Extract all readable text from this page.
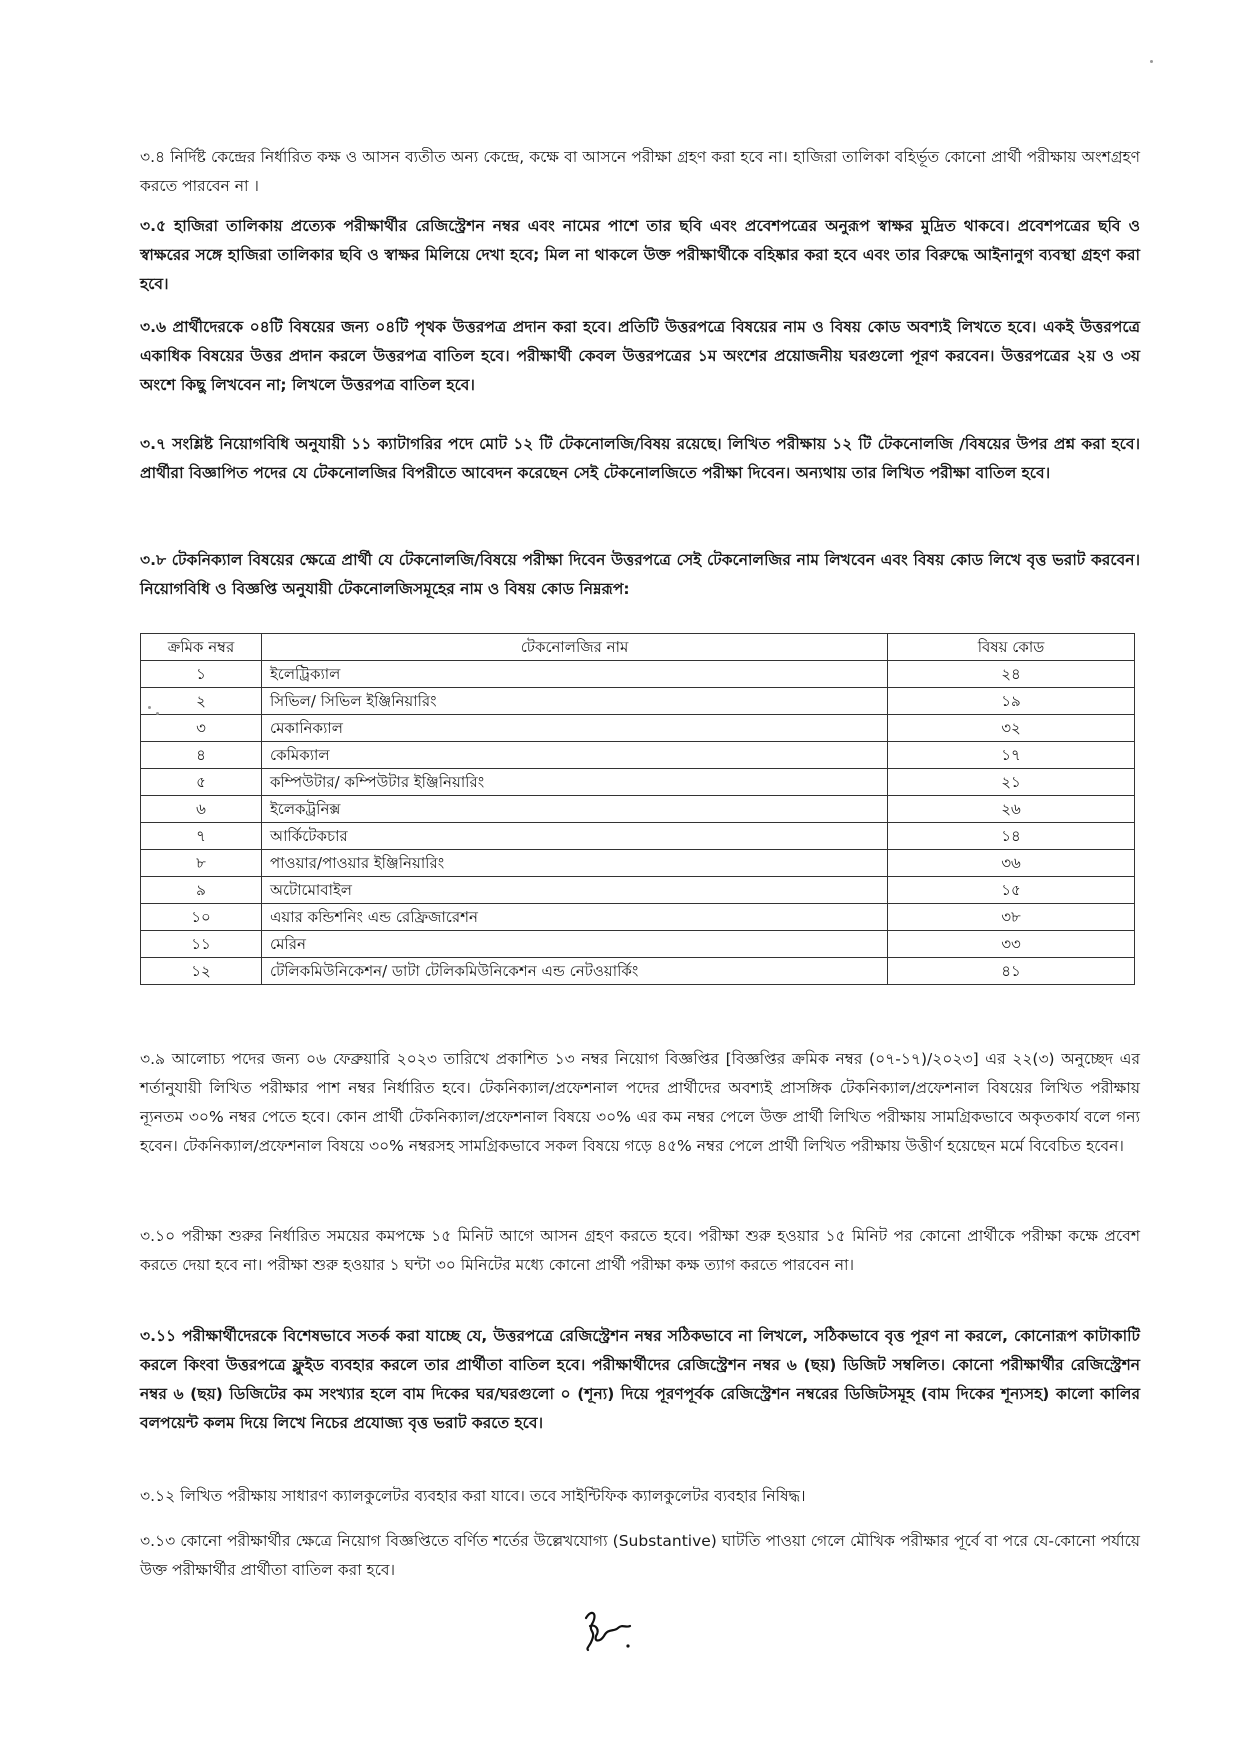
৩.৪ নির্দিষ্ট কেন্দ্রের নির্ধারিত কক্ষ ও আসন ব্যতীত অন্য কেন্দ্রে, কক্ষে বা আসনে পরীক্ষা গ্রহণ করা হবে না। হাজিরা তালিকা বহির্ভূত কোনো প্রার্থী পরীক্ষায় অংশগ্রহণ করতে পারবেন না ।

৩.৫ হাজিরা তালিকায় প্রত্যেক পরীক্ষার্থীর রেজিস্ট্রেশন নম্বর এবং নামের পাশে তার ছবি এবং প্রবেশপত্রের অনুরূপ স্বাক্ষর মুদ্রিত থাকবে। প্রবেশপত্রের ছবি ও স্বাক্ষরের সঙ্গে হাজিরা তালিকার ছবি ও স্বাক্ষর মিলিয়ে দেখা হবে; মিল না থাকলে উক্ত পরীক্ষার্থীকে বহিষ্কার করা হবে এবং তার বিরুদ্ধে আইনানুগ ব্যবস্থা গ্রহণ করা হবে।

৩.৬ প্রার্থীদেরকে ০৪টি বিষয়ের জন্য ০৪টি পৃথক উত্তরপত্র প্রদান করা হবে। প্রতিটি উত্তরপত্রে বিষয়ের নাম ও বিষয় কোড অবশ্যই লিখতে হবে। একই উত্তরপত্রে একাধিক বিষয়ের উত্তর প্রদান করলে উত্তরপত্র বাতিল হবে। পরীক্ষার্থী কেবল উত্তরপত্রের ১ম অংশের প্রয়োজনীয় ঘরগুলো পূরণ করবেন। উত্তরপত্রের ২য় ও ৩য় অংশে কিছু লিখবেন না; লিখলে উত্তরপত্র বাতিল হবে।

৩.৭ সংশ্লিষ্ট নিয়োগবিধি অনুযায়ী ১১ ক্যাটাগরির পদে মোট ১২ টি টেকনোলজি/বিষয় রয়েছে। লিখিত পরীক্ষায় ১২ টি টেকনোলজি /বিষয়ের উপর প্রশ্ন করা হবে। প্রার্থীরা বিজ্ঞাপিত পদের যে টেকনোলজির বিপরীতে আবেদন করেছেন সেই টেকনোলজিতে পরীক্ষা দিবেন। অন্যথায় তার লিখিত পরীক্ষা বাতিল হবে।

৩.৮ টেকনিক্যাল বিষয়ের ক্ষেত্রে প্রার্থী যে টেকনোলজি/বিষয়ে পরীক্ষা দিবেন উত্তরপত্রে সেই টেকনোলজির নাম লিখবেন এবং বিষয় কোড লিখে বৃত্ত ভরাট করবেন। নিয়োগবিধি ও বিজ্ঞপ্তি অনুযায়ী টেকনোলজিসমূহের নাম ও বিষয় কোড নিম্নরূপ:

ক্রমিক নম্বর	টেকনোলজির নাম	বিষয় কোড
১	ইলেট্রিক্যাল	২৪
২	সিভিল/ সিভিল ইঞ্জিনিয়ারিং	১৯
৩	মেকানিক্যাল	৩২
৪	কেমিক্যাল	১৭
৫	কম্পিউটার/ কম্পিউটার ইঞ্জিনিয়ারিং	২১
৬	ইলেকট্রনিক্স	২৬
৭	আর্কিটেকচার	১৪
৮	পাওয়ার/পাওয়ার ইঞ্জিনিয়ারিং	৩৬
৯	অটোমোবাইল	১৫
১০	এয়ার কন্ডিশনিং এন্ড রেফ্রিজারেশন	৩৮
১১	মেরিন	৩৩
১২	টেলিকমিউনিকেশন/ ডাটা টেলিকমিউনিকেশন এন্ড নেটওয়ার্কিং	৪১

৩.৯ আলোচ্য পদের জন্য ০৬ ফেব্রুয়ারি ২০২৩ তারিখে প্রকাশিত ১৩ নম্বর নিয়োগ বিজ্ঞপ্তির [বিজ্ঞপ্তির ক্রমিক নম্বর (০৭-১৭)/২০২৩] এর ২২(৩) অনুচ্ছেদ এর শর্তানুযায়ী লিখিত পরীক্ষার পাশ নম্বর নির্ধারিত হবে। টেকনিক্যাল/প্রফেশনাল পদের প্রার্থীদের অবশ্যই প্রাসঙ্গিক টেকনিক্যাল/প্রফেশনাল বিষয়ের লিখিত পরীক্ষায় ন্যূনতম ৩০% নম্বর পেতে হবে। কোন প্রার্থী টেকনিক্যাল/প্রফেশনাল বিষয়ে ৩০% এর কম নম্বর পেলে উক্ত প্রার্থী লিখিত পরীক্ষায় সামগ্রিকভাবে অকৃতকার্য বলে গন্য হবেন। টেকনিক্যাল/প্রফেশনাল বিষয়ে ৩০% নম্বরসহ সামগ্রিকভাবে সকল বিষয়ে গড়ে ৪৫% নম্বর পেলে প্রার্থী লিখিত পরীক্ষায় উত্তীর্ণ হয়েছেন মর্মে বিবেচিত হবেন।

৩.১০ পরীক্ষা শুরুর নির্ধারিত সময়ের কমপক্ষে ১৫ মিনিট আগে আসন গ্রহণ করতে হবে। পরীক্ষা শুরু হওয়ার ১৫ মিনিট পর কোনো প্রার্থীকে পরীক্ষা কক্ষে প্রবেশ করতে দেয়া হবে না। পরীক্ষা শুরু হওয়ার ১ ঘন্টা ৩০ মিনিটের মধ্যে কোনো প্রার্থী পরীক্ষা কক্ষ ত্যাগ করতে পারবেন না।

৩.১১ পরীক্ষার্থীদেরকে বিশেষভাবে সতর্ক করা যাচ্ছে যে, উত্তরপত্রে রেজিস্ট্রেশন নম্বর সঠিকভাবে না লিখলে, সঠিকভাবে বৃত্ত পূরণ না করলে, কোনোরূপ কাটাকাটি করলে কিংবা উত্তরপত্রে ফ্লুইড ব্যবহার করলে তার প্রার্থীতা বাতিল হবে। পরীক্ষার্থীদের রেজিস্ট্রেশন নম্বর ৬ (ছয়) ডিজিট সম্বলিত। কোনো পরীক্ষার্থীর রেজিস্ট্রেশন নম্বর ৬ (ছয়) ডিজিটের কম সংখ্যার হলে বাম দিকের ঘর/ঘরগুলো ০ (শূন্য) দিয়ে পূরণপূর্বক রেজিস্ট্রেশন নম্বরের ডিজিটসমূহ (বাম দিকের শূন্যসহ) কালো কালির বলপয়েন্ট কলম দিয়ে লিখে নিচের প্রযোজ্য বৃত্ত ভরাট করতে হবে।

৩.১২ লিখিত পরীক্ষায় সাধারণ ক্যালকুলেটর ব্যবহার করা যাবে। তবে সাইন্টিফিক ক্যালকুলেটর ব্যবহার নিষিদ্ধ।

৩.১৩ কোনো পরীক্ষার্থীর ক্ষেত্রে নিয়োগ বিজ্ঞপ্তিতে বর্ণিত শর্তের উল্লেখযোগ্য (Substantive) ঘাটতি পাওয়া গেলে মৌখিক পরীক্ষার পূর্বে বা পরে যে-কোনো পর্যায়ে উক্ত পরীক্ষার্থীর প্রার্থীতা বাতিল করা হবে।
